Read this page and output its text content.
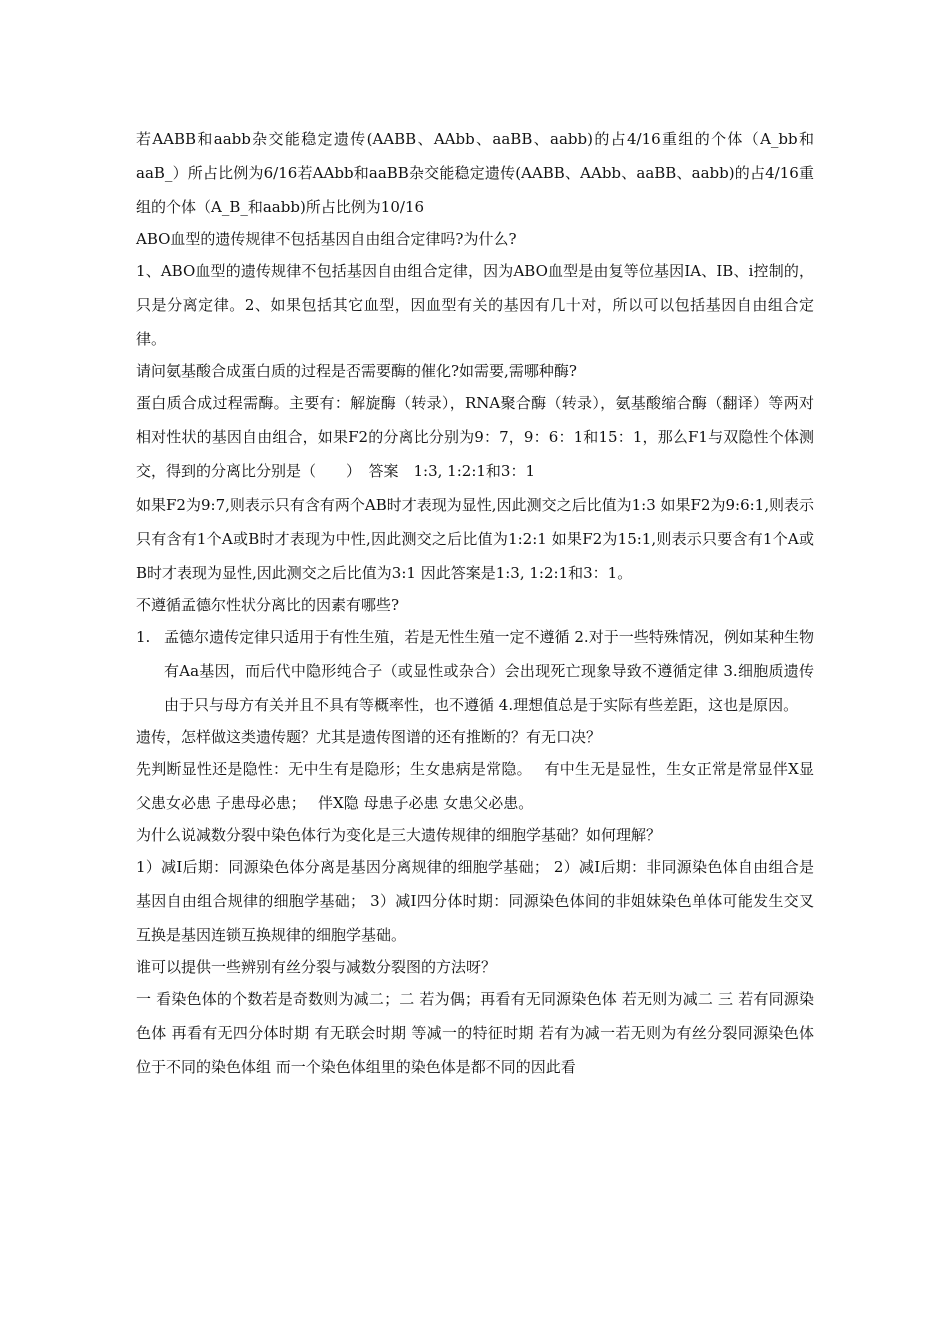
若AABB和aabb杂交能稳定遗传(AABB、AAbb、aaBB、aabb)的占4/16重组的个体（A_bb和aaB_）所占比例为6/16若AAbb和aaBB杂交能稳定遗传(AABB、AAbb、aaBB、aabb)的占4/16重组的个体（A_B_和aabb)所占比例为10/16

ABO血型的遗传规律不包括基因自由组合定律吗?为什么?

1、ABO血型的遗传规律不包括基因自由组合定律，因为ABO血型是由复等位基因IA、IB、i控制的，只是分离定律。2、如果包括其它血型，因血型有关的基因有几十对，所以可以包括基因自由组合定律。

请问氨基酸合成蛋白质的过程是否需要酶的催化?如需要,需哪种酶?

蛋白质合成过程需酶。主要有：解旋酶（转录），RNA聚合酶（转录），氨基酸缩合酶（翻译）等两对相对性状的基因自由组合，如果F2的分离比分别为9：7，9：6：1和15：1，那么F1与双隐性个体测交，得到的分离比分别是（　　）　答案　1:3, 1:2:1和3：1

如果F2为9:7,则表示只有含有两个AB时才表现为显性,因此测交之后比值为1:3 如果F2为9:6:1,则表示只有含有1个A或B时才表现为中性,因此测交之后比值为1:2:1 如果F2为15:1,则表示只要含有1个A或B时才表现为显性,因此测交之后比值为3:1 因此答案是1:3, 1:2:1和3：1。

不遵循孟德尔性状分离比的因素有哪些?

1. 孟德尔遗传定律只适用于有性生殖，若是无性生殖一定不遵循 2.对于一些特殊情况，例如某种生物有Aa基因，而后代中隐形纯合子（或显性或杂合）会出现死亡现象导致不遵循定律 3.细胞质遗传由于只与母方有关并且不具有等概率性，也不遵循 4.理想值总是于实际有些差距，这也是原因。

遗传，怎样做这类遗传题？尤其是遗传图谱的还有推断的？有无口决？

先判断显性还是隐性：无中生有是隐形；生女患病是常隐。　 有中生无是显性，生女正常是常显伴X显　 父患女必患 子患母必患；　 伴X隐 母患子必患 女患父必患。

为什么说减数分裂中染色体行为变化是三大遗传规律的细胞学基础？如何理解？

1）减Ⅰ后期：同源染色体分离是基因分离规律的细胞学基础； 2）减Ⅰ后期：非同源染色体自由组合是基因自由组合规律的细胞学基础； 3）减Ⅰ四分体时期：同源染色体间的非姐妹染色单体可能发生交叉互换是基因连锁互换规律的细胞学基础。

谁可以提供一些辨别有丝分裂与减数分裂图的方法呀？

一 看染色体的个数若是奇数则为减二；二 若为偶；再看有无同源染色体 若无则为减二 三 若有同源染色体 再看有无四分体时期 有无联会时期 等减一的特征时期 若有为减一若无则为有丝分裂同源染色体位于不同的染色体组 而一个染色体组里的染色体是都不同的因此看
